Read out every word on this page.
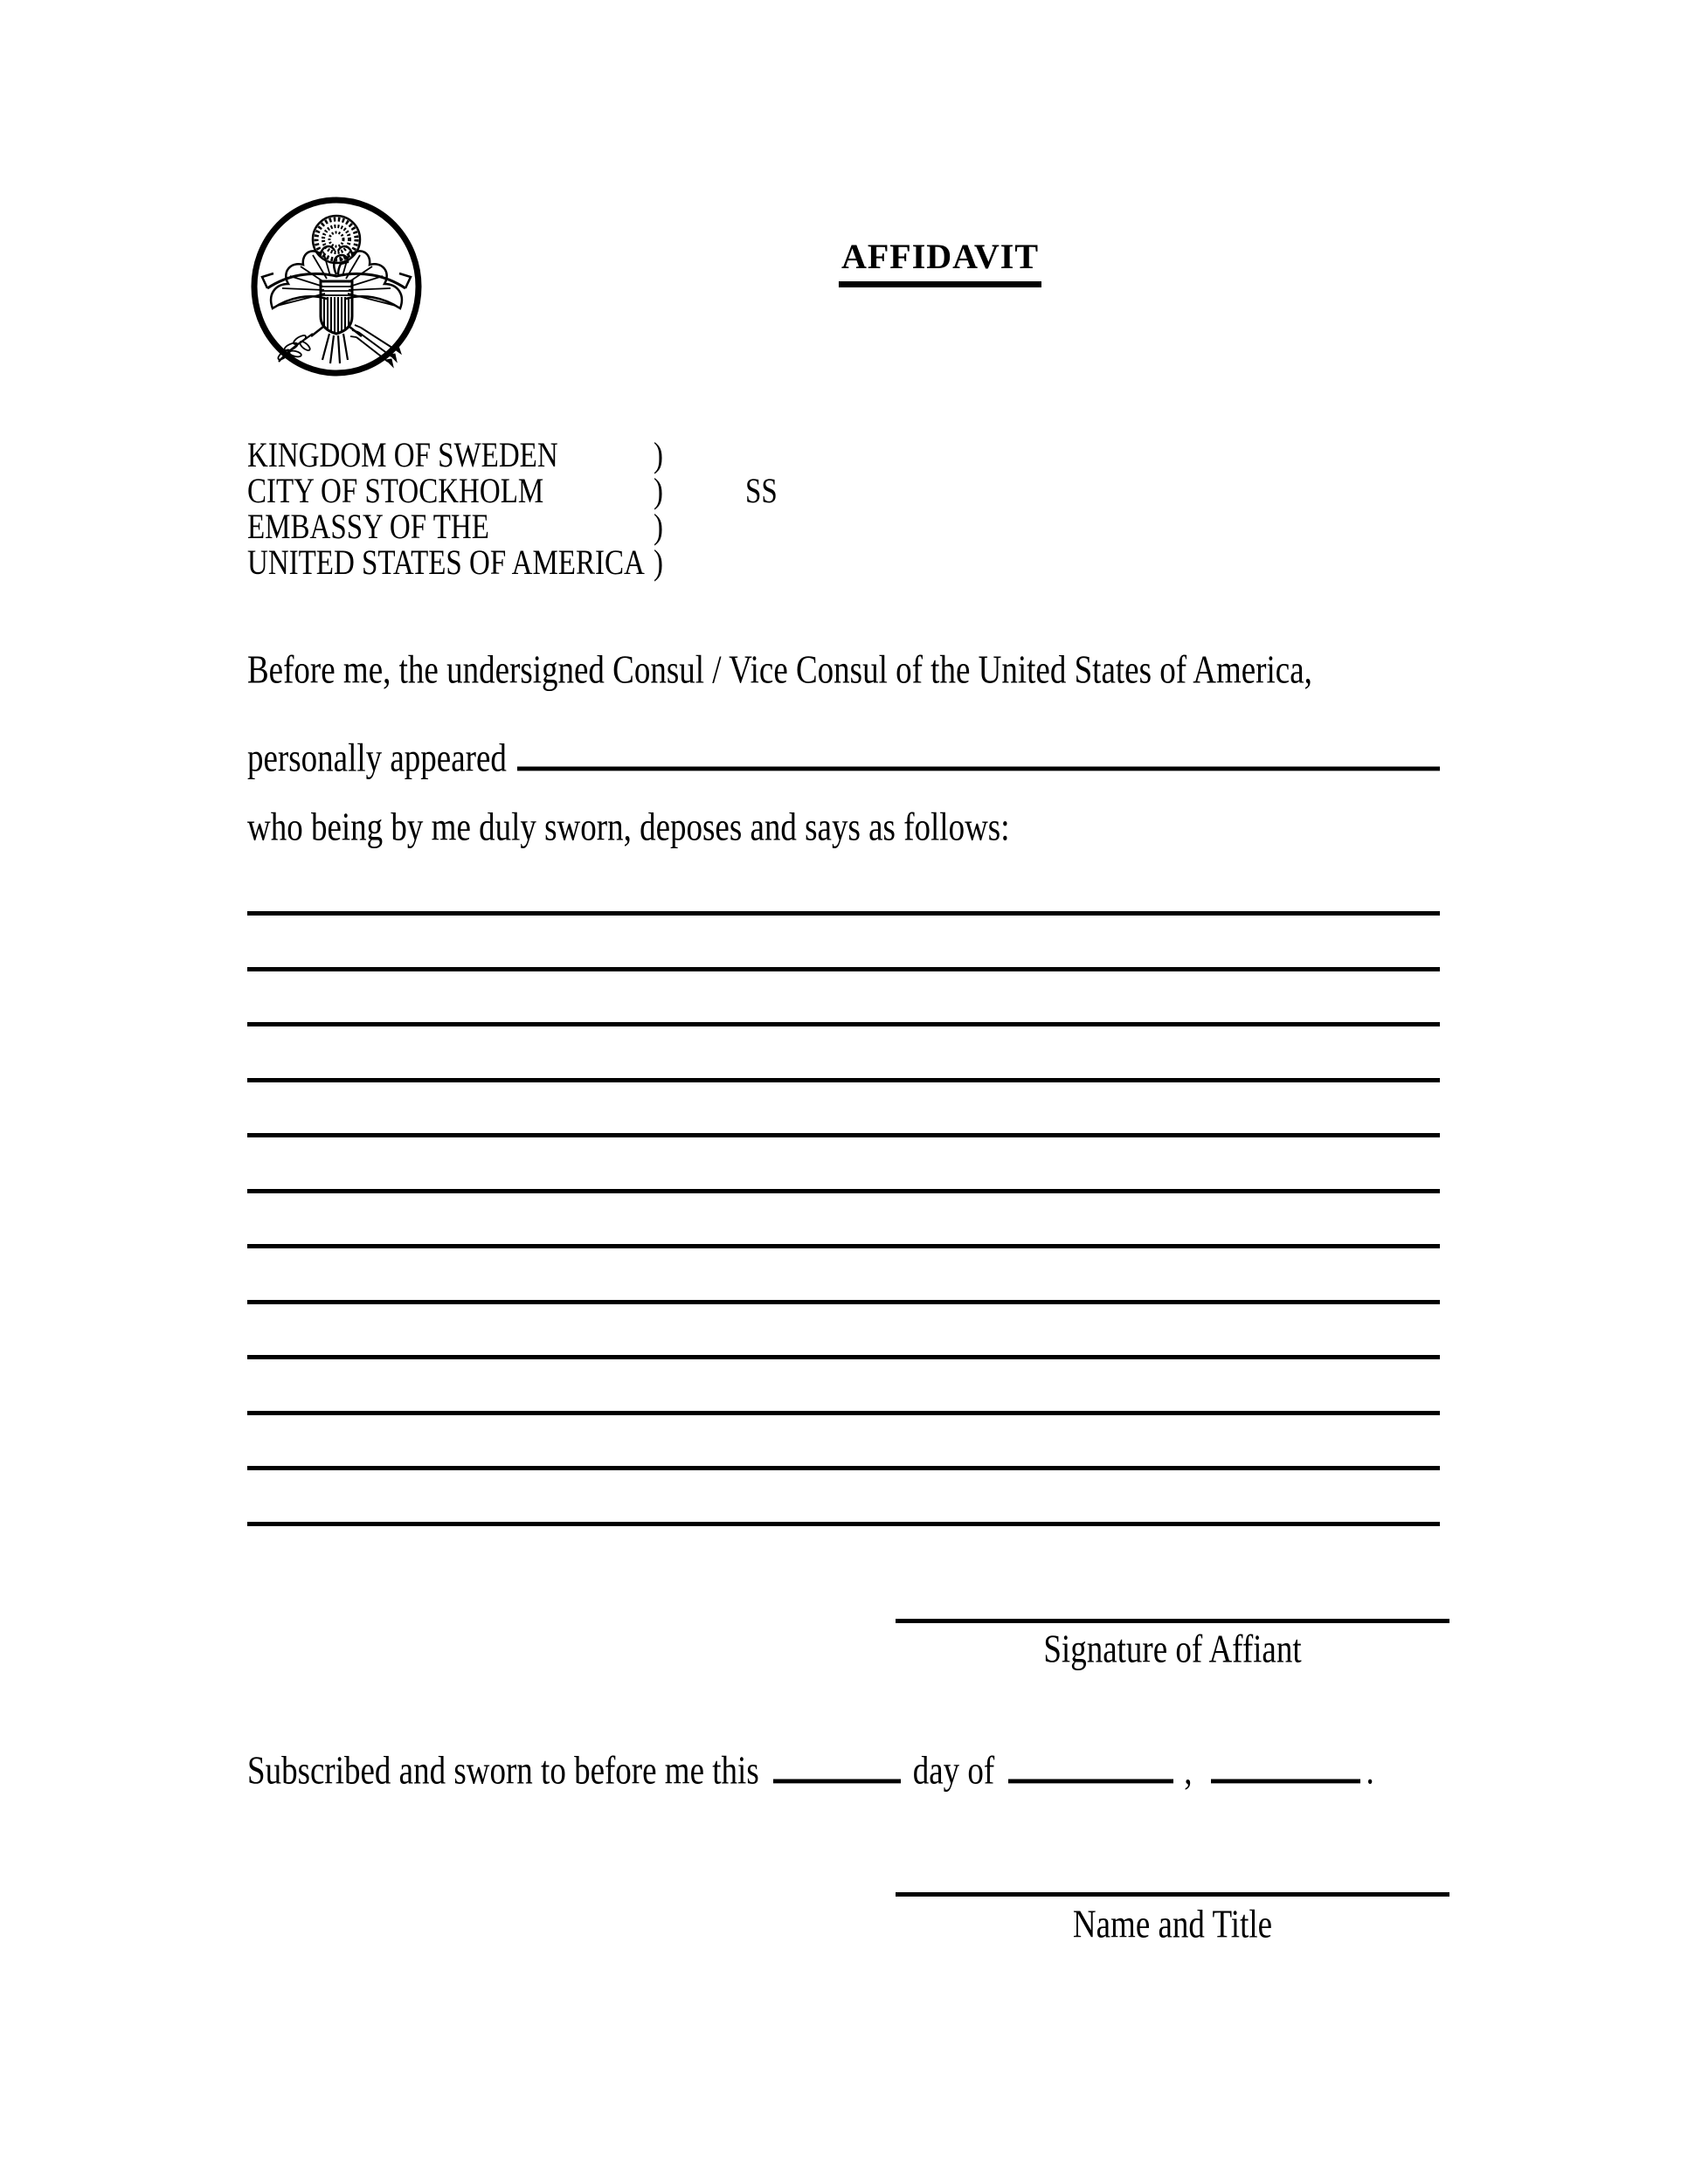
AFFIDAVIT
KINGDOM OF SWEDEN	)
CITY OF STOCKHOLM	)	SS
EMBASSY OF THE	)
UNITED STATES OF AMERICA )

Before me, the undersigned Consul / Vice Consul of the United States of America,

personally appeared

who being by me duly sworn, deposes and says as follows:

Signature of Affiant

Subscribed and sworn to before me this	day of	,	.

Name and Title
